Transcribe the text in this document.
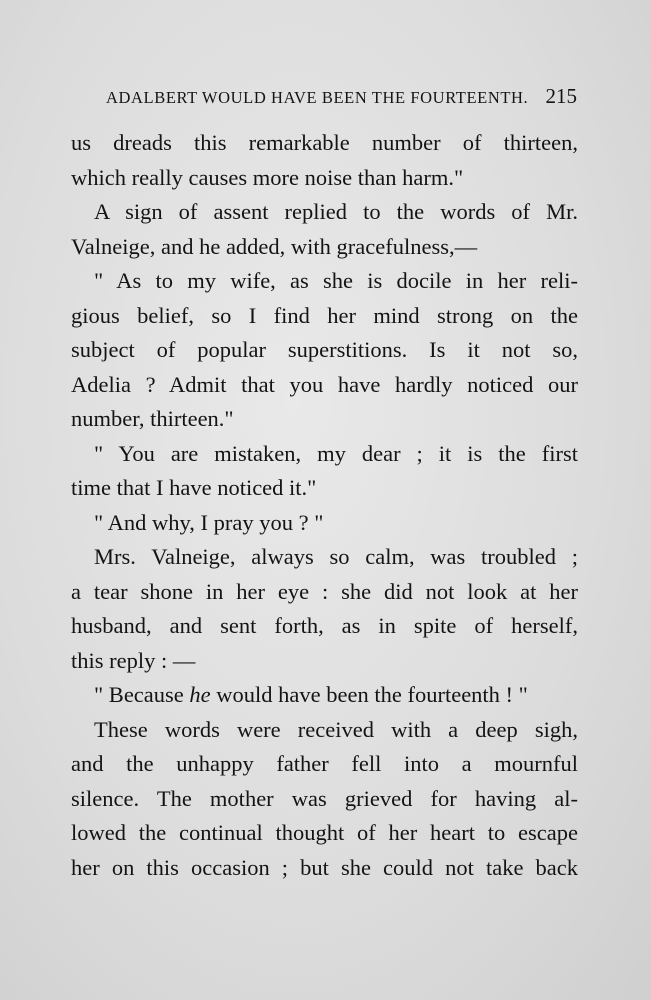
ADALBERT WOULD HAVE BEEN THE FOURTEENTH. 215

us dreads this remarkable number of thirteen,
which really causes more noise than harm."

A sign of assent replied to the words of Mr.
Valneige, and he added, with gracefulness,—

" As to my wife, as she is docile in her reli-
gious belief, so I find her mind strong on the
subject of popular superstitions. Is it not so,
Adelia ? Admit that you have hardly noticed our
number, thirteen."

" You are mistaken, my dear ; it is the first
time that I have noticed it."

" And why, I pray you ? "

Mrs. Valneige, always so calm, was troubled ;
a tear shone in her eye : she did not look at her
husband, and sent forth, as in spite of herself,
this reply : —

" Because he would have been the fourteenth ! "

These words were received with a deep sigh,
and the unhappy father fell into a mournful
silence. The mother was grieved for having al-
lowed the continual thought of her heart to escape
her on this occasion ; but she could not take back
